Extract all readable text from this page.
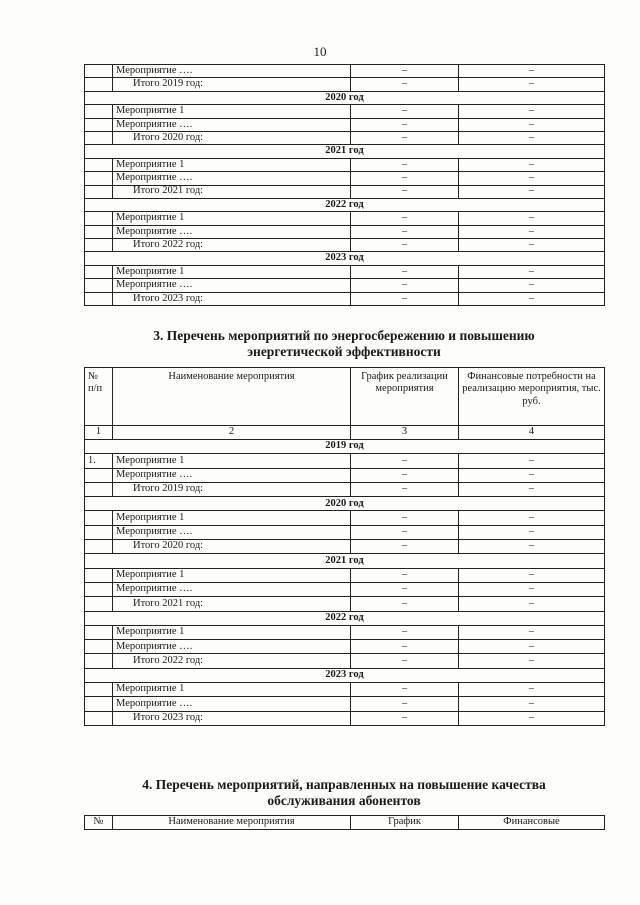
10
	Мероприятие ….	–	–
	Итого 2019 год:	–	–
2020 год			
	Мероприятие 1	–	–
	Мероприятие ….	–	–
	Итого 2020 год:	–	–
2021 год			
	Мероприятие 1	–	–
	Мероприятие ….	–	–
	Итого 2021 год:	–	–
2022 год			
	Мероприятие 1	–	–
	Мероприятие ….	–	–
	Итого 2022 год:	–	–
2023 год			
	Мероприятие 1	–	–
	Мероприятие ….	–	–
	Итого 2023 год:	–	–
3. Перечень мероприятий по энергосбережению и повышению
энергетической эффективности
№ п/п	Наименование мероприятия	График реализации мероприятия	Финансовые потребности на реализацию мероприятия, тыс. руб.
1	2	3	4
2019 год			
1.	Мероприятие 1	–	–
	Мероприятие ….	–	–
	Итого 2019 год:	–	–
2020 год			
	Мероприятие 1	–	–
	Мероприятие ….	–	–
	Итого 2020 год:	–	–
2021 год			
	Мероприятие 1	–	–
	Мероприятие ….	–	–
	Итого 2021 год:	–	–
2022 год			
	Мероприятие 1	–	–
	Мероприятие ….	–	–
	Итого 2022 год:	–	–
2023 год			
	Мероприятие 1	–	–
	Мероприятие ….	–	–
	Итого 2023 год:	–	–
4. Перечень мероприятий, направленных на повышение качества
обслуживания абонентов
№	Наименование мероприятия	График	Финансовые
